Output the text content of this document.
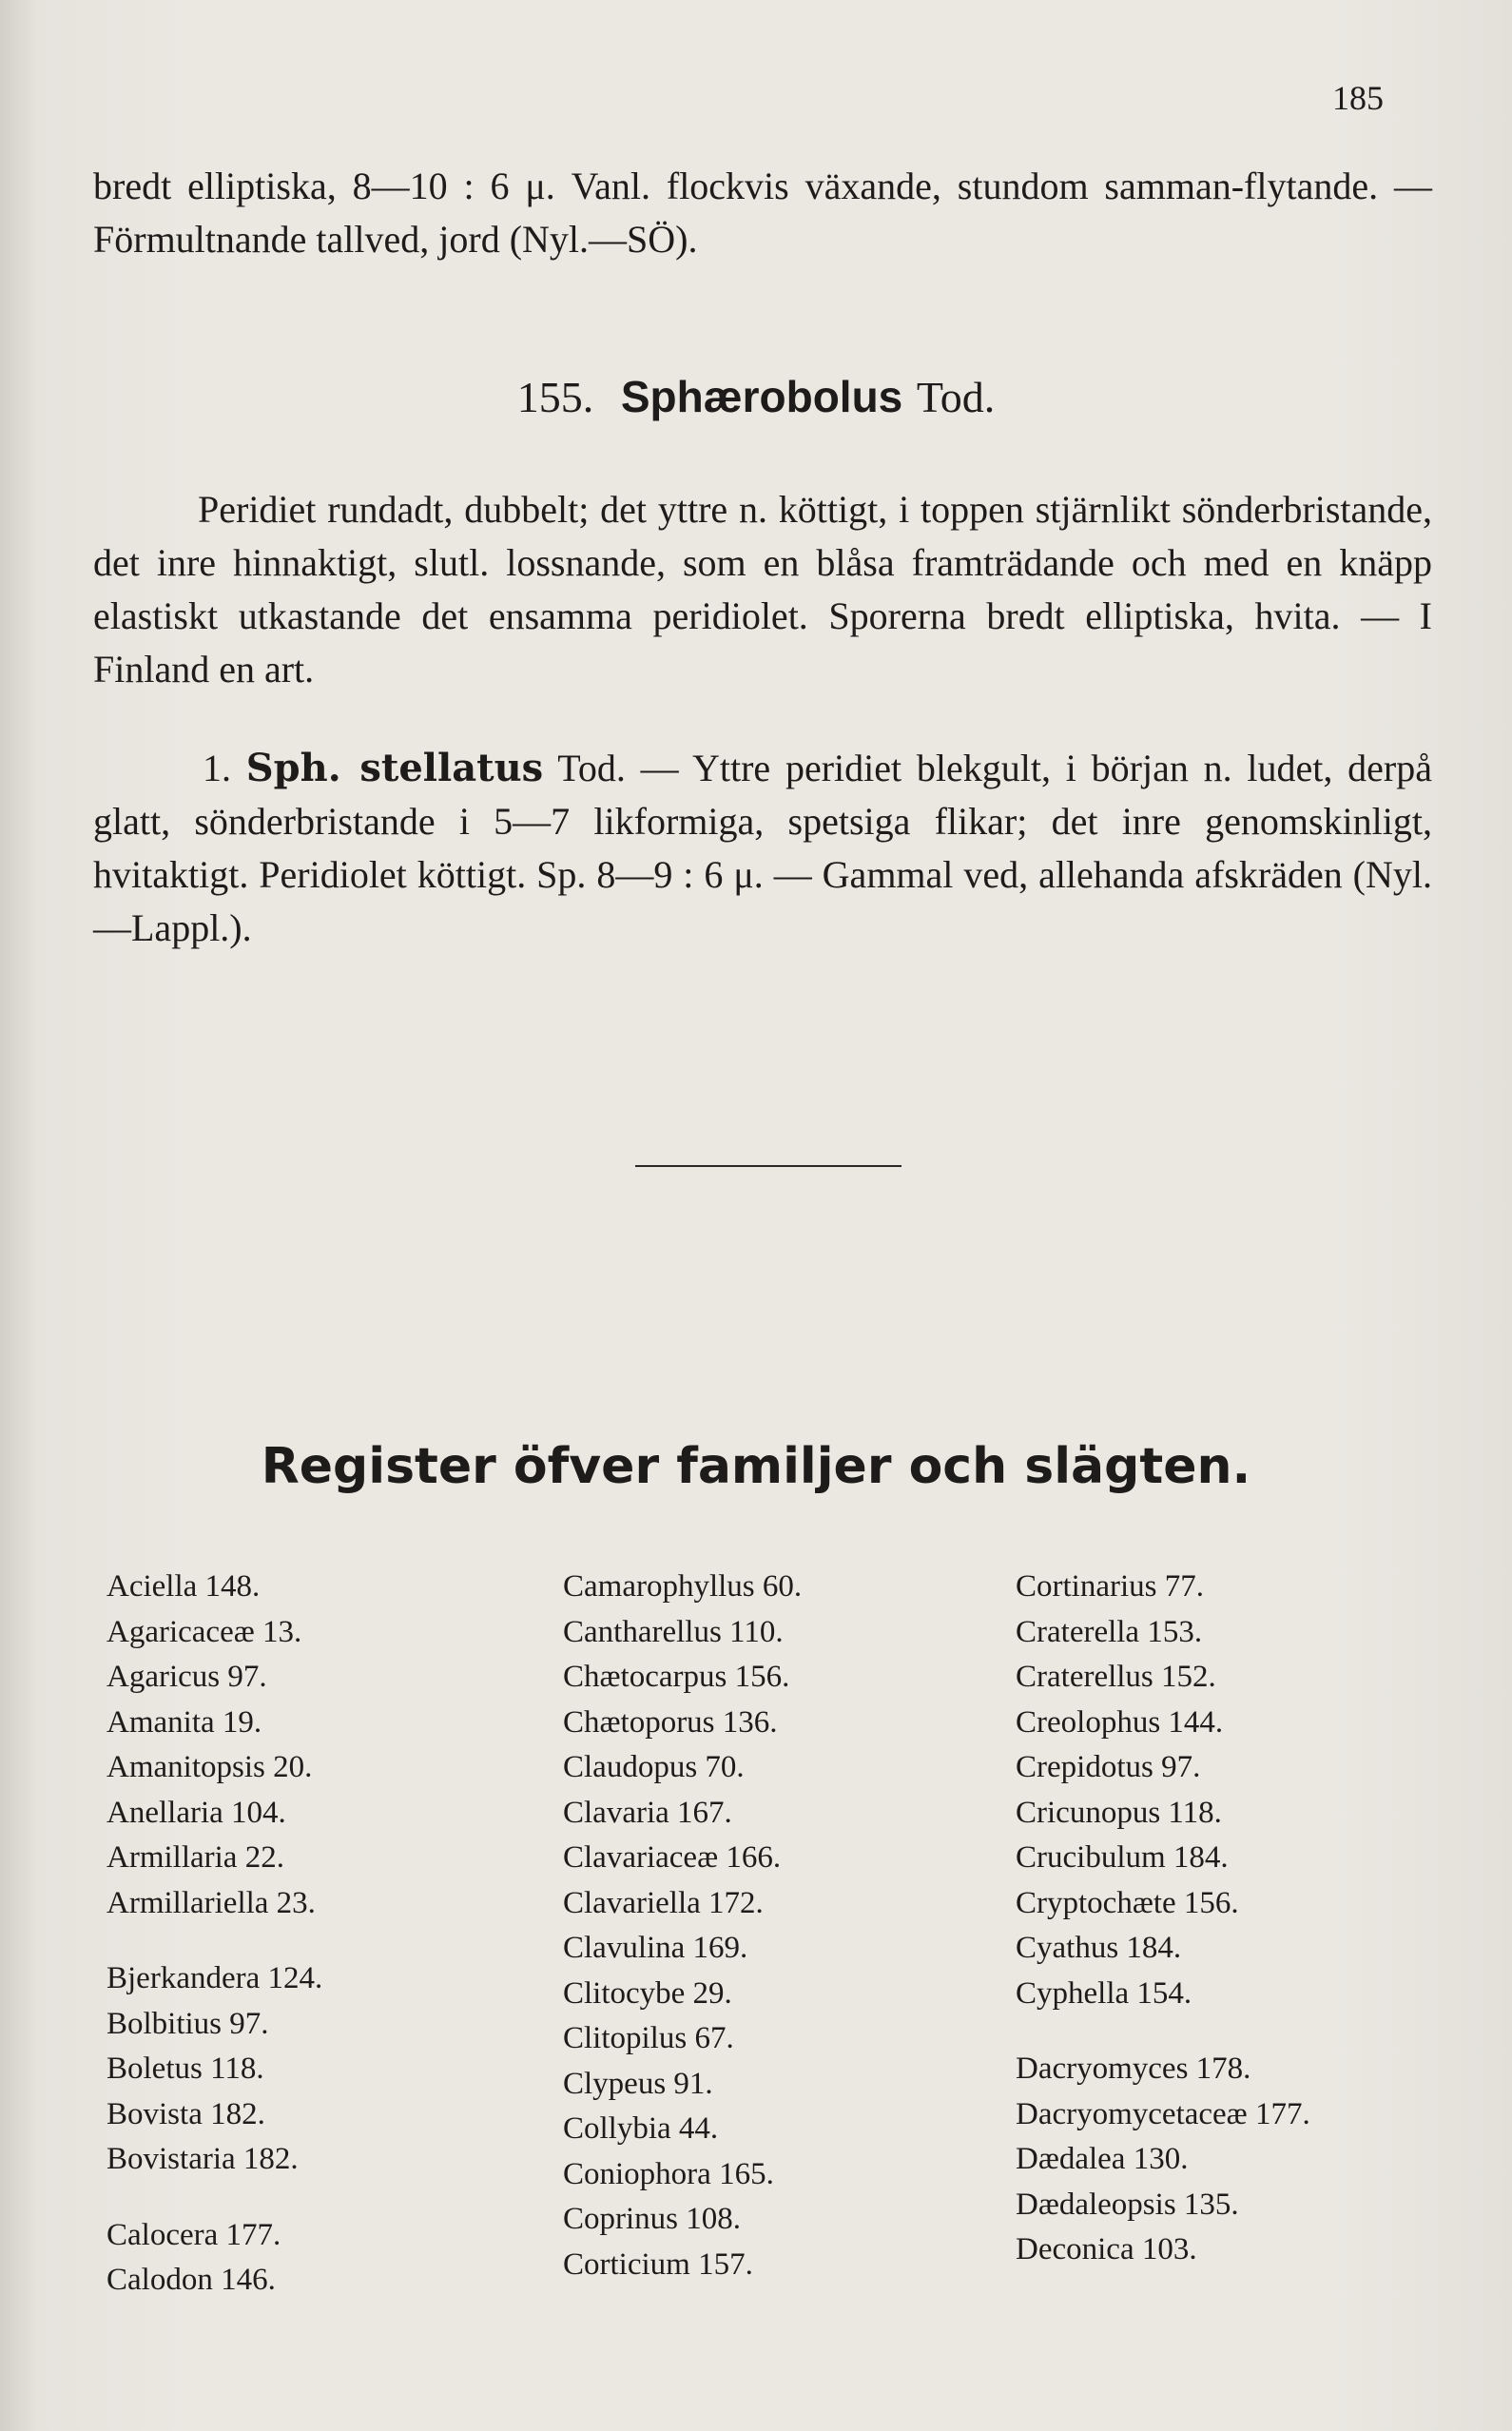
185
bredt elliptiska, 8—10 : 6 μ. Vanl. flockvis växande, stundom samman-flytande. — Förmultnande tallved, jord (Nyl.—SÖ).
155. Sphærobolus Tod.
Peridiet rundadt, dubbelt; det yttre n. köttigt, i toppen stjärnlikt sönderbristande, det inre hinnaktigt, slutl. lossnande, som en blåsa framträdande och med en knäpp elastiskt utkastande det ensamma peridiolet. Sporerna bredt elliptiska, hvita. — I Finland en art.
1. Sph. stellatus Tod. — Yttre peridiet blekgult, i början n. ludet, derpå glatt, sönderbristande i 5—7 likformiga, spetsiga flikar; det inre genomskinligt, hvitaktigt. Peridiolet köttigt. Sp. 8—9 : 6 μ. — Gammal ved, allehanda afskräden (Nyl.—Lappl.).
Register öfver familjer och slägten.
Aciella 148.
Agaricaceæ 13.
Agaricus 97.
Amanita 19.
Amanitopsis 20.
Anellaria 104.
Armillaria 22.
Armillariella 23.
Bjerkandera 124.
Bolbitius 97.
Boletus 118.
Bovista 182.
Bovistaria 182.
Calocera 177.
Calodon 146.
Camarophyllus 60.
Cantharellus 110.
Chætocarpus 156.
Chætoporus 136.
Claudopus 70.
Clavaria 167.
Clavariaceæ 166.
Clavariella 172.
Clavulina 169.
Clitocybe 29.
Clitopilus 67.
Clypeus 91.
Collybia 44.
Coniophora 165.
Coprinus 108.
Corticium 157.
Cortinarius 77.
Craterella 153.
Craterellus 152.
Creolophus 144.
Crepidotus 97.
Cricunopus 118.
Crucibulum 184.
Cryptochæte 156.
Cyathus 184.
Cyphella 154.
Dacryomyces 178.
Dacryomycetaceæ 177.
Dædalea 130.
Dædaleopsis 135.
Deconica 103.
